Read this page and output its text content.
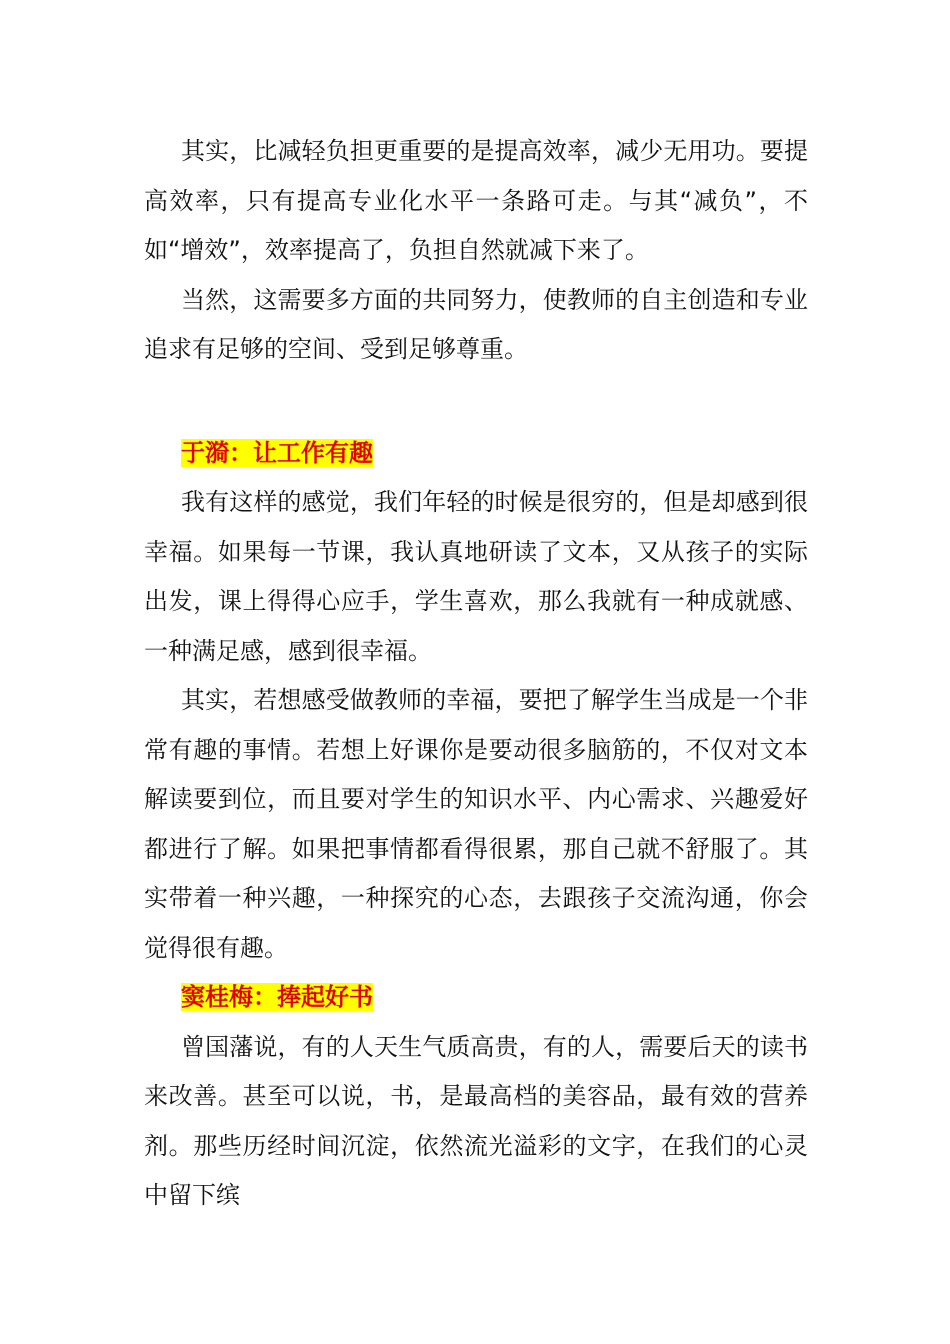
其实，比减轻负担更重要的是提高效率，减少无用功。要提高效率，只有提高专业化水平一条路可走。与其“减负”，不如“增效”，效率提高了，负担自然就减下来了。

当然，这需要多方面的共同努力，使教师的自主创造和专业追求有足够的空间、受到足够尊重。

于漪：让工作有趣

我有这样的感觉，我们年轻的时候是很穷的，但是却感到很幸福。如果每一节课，我认真地研读了文本，又从孩子的实际出发，课上得得心应手，学生喜欢，那么我就有一种成就感、一种满足感，感到很幸福。

其实，若想感受做教师的幸福，要把了解学生当成是一个非常有趣的事情。若想上好课你是要动很多脑筋的，不仅对文本解读要到位，而且要对学生的知识水平、内心需求、兴趣爱好都进行了解。如果把事情都看得很累，那自己就不舒服了。其实带着一种兴趣，一种探究的心态，去跟孩子交流沟通，你会觉得很有趣。

窦桂梅：捧起好书

曾国藩说，有的人天生气质高贵，有的人，需要后天的读书来改善。甚至可以说，书，是最高档的美容品，最有效的营养剂。那些历经时间沉淀，依然流光溢彩的文字，在我们的心灵中留下缤
